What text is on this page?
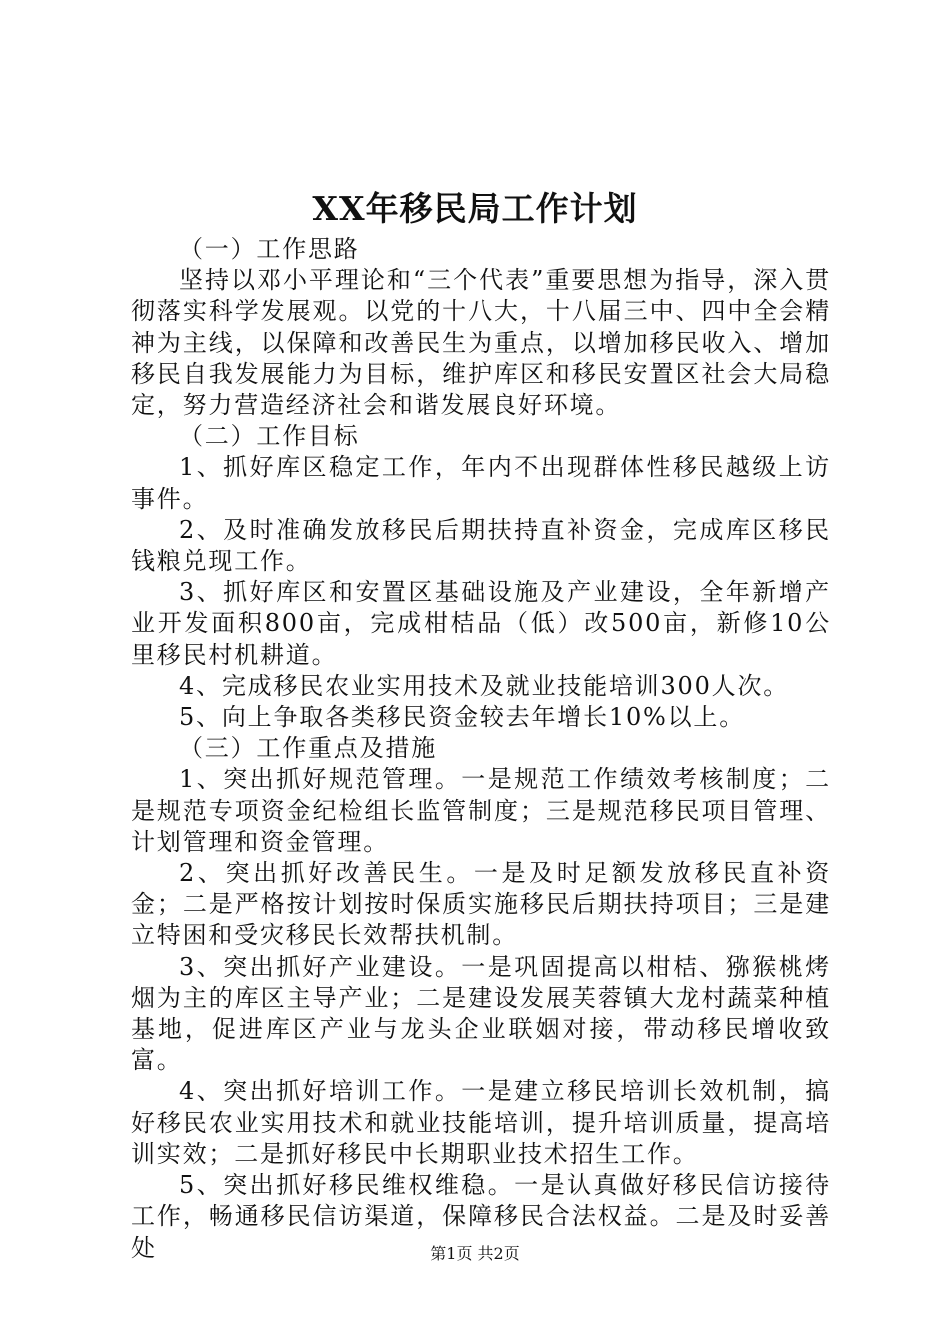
XX年移民局工作计划

（一）工作思路

坚持以邓小平理论和“三个代表”重要思想为指导，深入贯彻落实科学发展观。以党的十八大，十八届三中、四中全会精神为主线，以保障和改善民生为重点，以增加移民收入、增加移民自我发展能力为目标，维护库区和移民安置区社会大局稳定，努力营造经济社会和谐发展良好环境。

（二）工作目标

1、抓好库区稳定工作，年内不出现群体性移民越级上访事件。

2、及时准确发放移民后期扶持直补资金，完成库区移民钱粮兑现工作。

3、抓好库区和安置区基础设施及产业建设，全年新增产业开发面积800亩，完成柑桔品（低）改500亩，新修10公里移民村机耕道。

4、完成移民农业实用技术及就业技能培训300人次。

5、向上争取各类移民资金较去年增长10%以上。

（三）工作重点及措施

1、突出抓好规范管理。一是规范工作绩效考核制度；二是规范专项资金纪检组长监管制度；三是规范移民项目管理、计划管理和资金管理。

2、突出抓好改善民生。一是及时足额发放移民直补资金；二是严格按计划按时保质实施移民后期扶持项目；三是建立特困和受灾移民长效帮扶机制。

3、突出抓好产业建设。一是巩固提高以柑桔、猕猴桃烤烟为主的库区主导产业；二是建设发展芙蓉镇大龙村蔬菜种植基地，促进库区产业与龙头企业联姻对接，带动移民增收致富。

4、突出抓好培训工作。一是建立移民培训长效机制，搞好移民农业实用技术和就业技能培训，提升培训质量，提高培训实效；二是抓好移民中长期职业技术招生工作。

5、突出抓好移民维权维稳。一是认真做好移民信访接待工作，畅通移民信访渠道，保障移民合法权益。二是及时妥善处	第1页 共2页
